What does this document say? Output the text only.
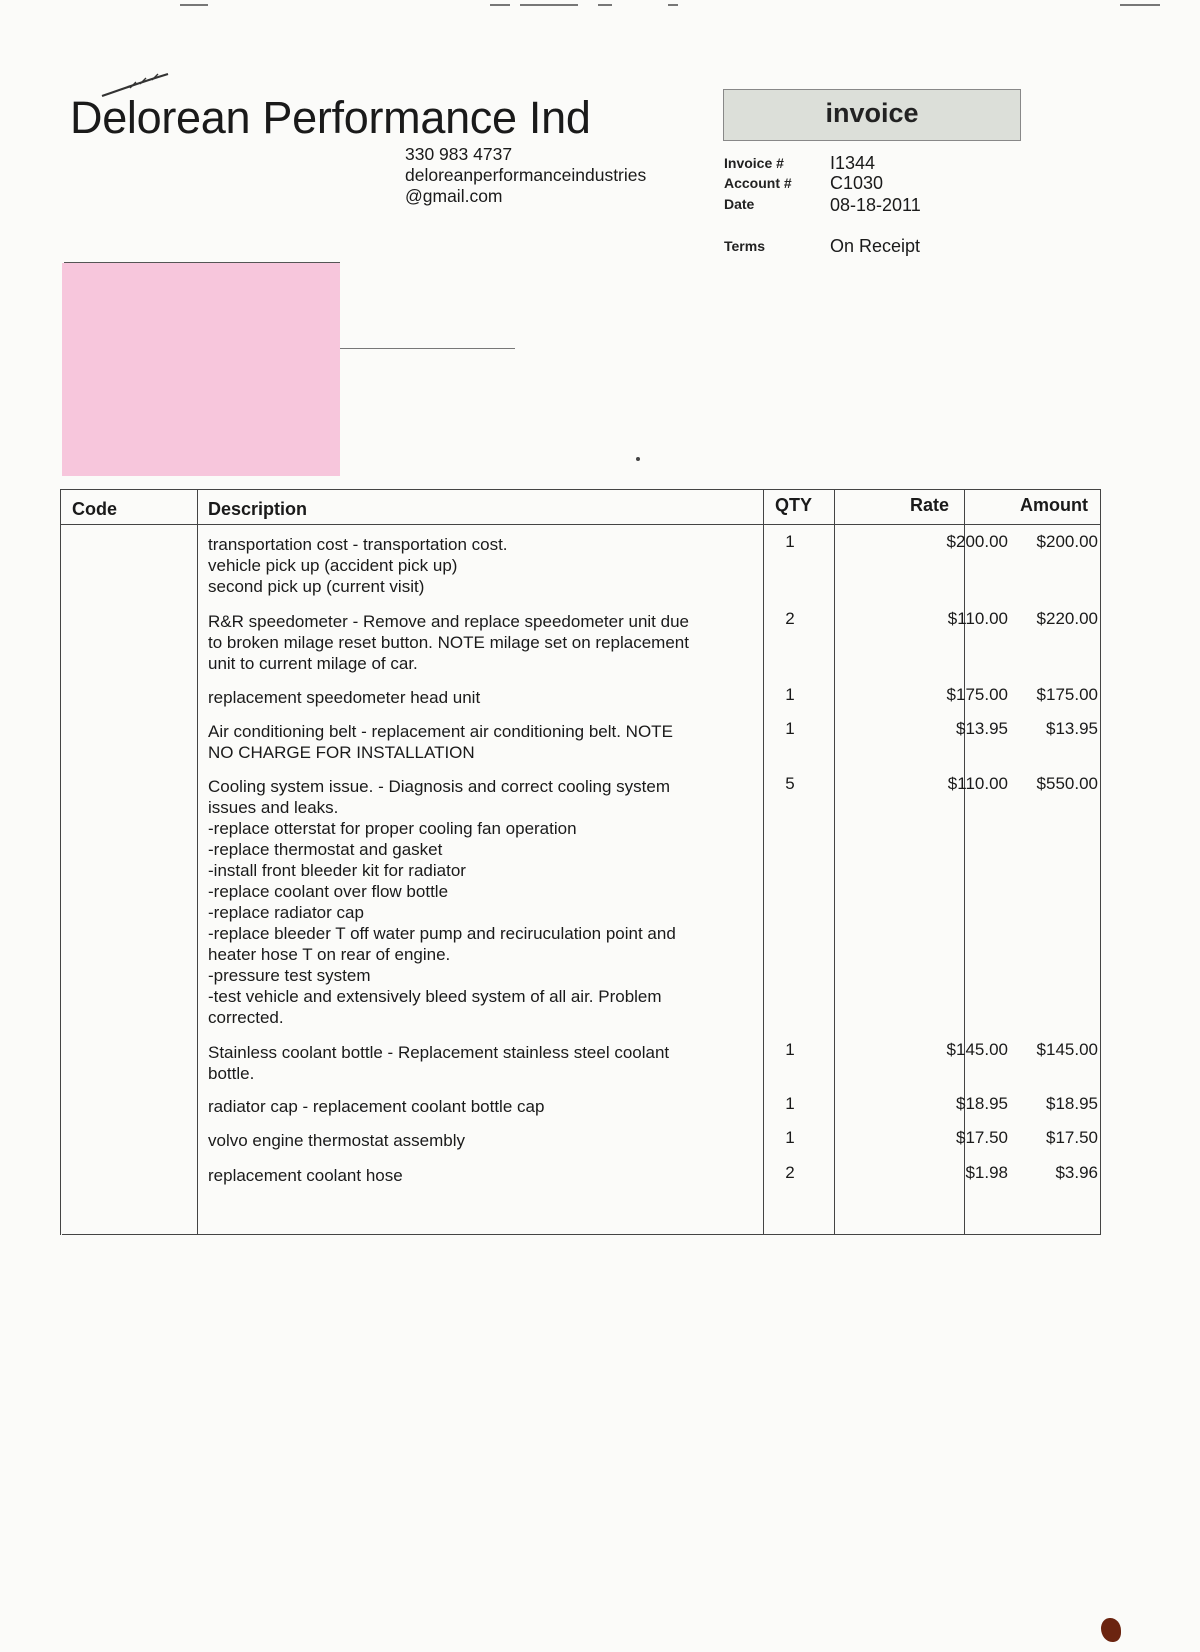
Delorean Performance Ind
330 983 4737
deloreanperformanceindustries
@gmail.com
invoice
Invoice #	I1344
Account # C1030
Date	08-18-2011
Terms	On Receipt
Code	Description	QTY	Rate	Amount
transportation cost - transportation cost.
vehicle pick up (accident pick up)
second pick up (current visit)
1	$200.00	$200.00
R&R speedometer - Remove and replace speedometer unit due
to broken milage reset button. NOTE milage set on replacement
unit to current milage of car.
2	$110.00	$220.00
replacement speedometer head unit	1	$175.00	$175.00
Air conditioning belt - replacement air conditioning belt. NOTE
NO CHARGE FOR INSTALLATION
1	$13.95	$13.95
Cooling system issue. - Diagnosis and correct cooling system
issues and leaks.
-replace otterstat for proper cooling fan operation
-replace thermostat and gasket
-install front bleeder kit for radiator
-replace coolant over flow bottle
-replace radiator cap
-replace bleeder T off water pump and reciruculation point and
heater hose T on rear of engine.
-pressure test system
-test vehicle and extensively bleed system of all air. Problem
corrected.
5	$110.00	$550.00
Stainless coolant bottle - Replacement stainless steel coolant
bottle.
1	$145.00	$145.00
radiator cap - replacement coolant bottle cap	1	$18.95	$18.95
volvo engine thermostat assembly	1	$17.50	$17.50
replacement coolant hose	2	$1.98	$3.96
